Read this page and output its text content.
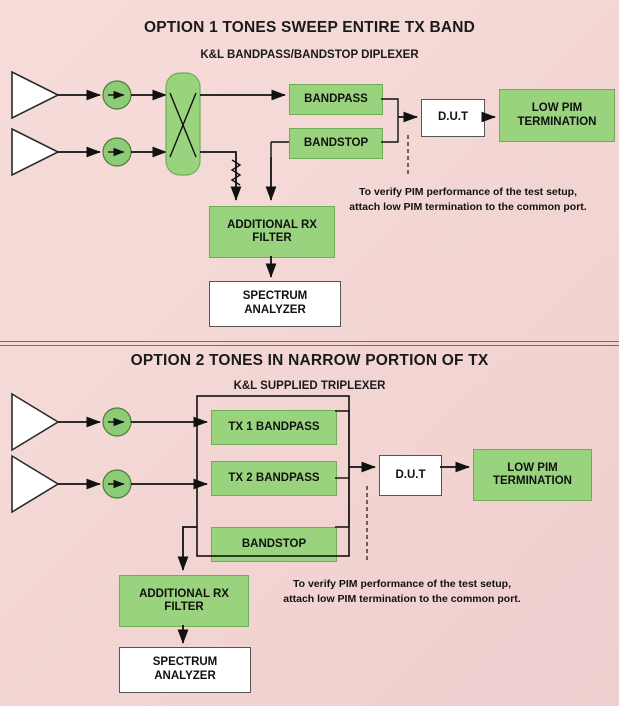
OPTION 1 TONES SWEEP ENTIRE TX BAND
K&L BANDPASS/BANDSTOP DIPLEXER
BANDPASS
BANDSTOP
D.U.T
LOW PIM
TERMINATION
ADDITIONAL RX
FILTER
SPECTRUM
ANALYZER
To verify PIM performance of the test setup, attach low PIM termination to the common port.
OPTION 2 TONES IN NARROW PORTION OF TX
K&L SUPPLIED TRIPLEXER
TX 1 BANDPASS
TX 2 BANDPASS
BANDSTOP
D.U.T
LOW PIM
TERMINATION
ADDITIONAL RX
FILTER
SPECTRUM
ANALYZER
To verify PIM performance of the test setup, attach low PIM termination to the common port.
